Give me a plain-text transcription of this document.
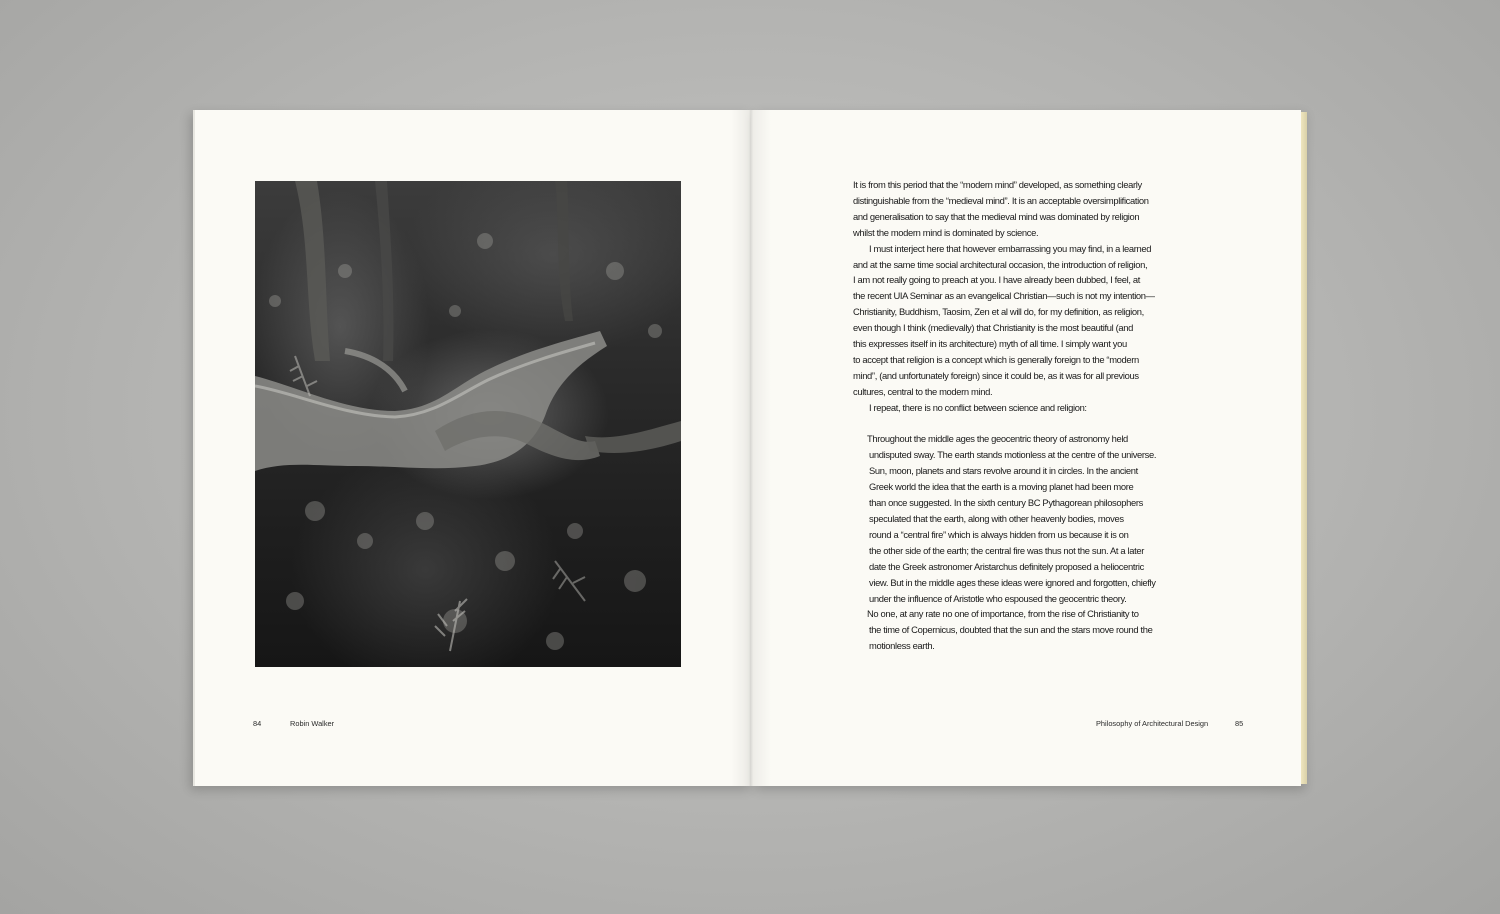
84	Robin Walker
It is from this period that the “modern mind” developed, as something clearly
distinguishable from the “medieval mind”. It is an acceptable oversimplification
and generalisation to say that the medieval mind was dominated by religion
whilst the modern mind is dominated by science.
I must interject here that however embarrassing you may find, in a learned
and at the same time social architectural occasion, the introduction of religion,
I am not really going to preach at you. I have already been dubbed, I feel, at
the recent UIA Seminar as an evangelical Christian—such is not my intention—
Christianity, Buddhism, Taosim, Zen et al will do, for my definition, as religion,
even though I think (medievally) that Christianity is the most beautiful (and
this expresses itself in its architecture) myth of all time. I simply want you
to accept that religion is a concept which is generally foreign to the “modern
mind”, (and unfortunately foreign) since it could be, as it was for all previous
cultures, central to the modern mind.
I repeat, there is no conflict between science and religion:
Throughout the middle ages the geocentric theory of astronomy held
undisputed sway. The earth stands motionless at the centre of the universe.
Sun, moon, planets and stars revolve around it in circles. In the ancient
Greek world the idea that the earth is a moving planet had been more
than once suggested. In the sixth century BC Pythagorean philosophers
speculated that the earth, along with other heavenly bodies, moves
round a “central fire” which is always hidden from us because it is on
the other side of the earth; the central fire was thus not the sun. At a later
date the Greek astronomer Aristarchus definitely proposed a heliocentric
view. But in the middle ages these ideas were ignored and forgotten, chiefly
under the influence of Aristotle who espoused the geocentric theory.
No one, at any rate no one of importance, from the rise of Christianity to
the time of Copernicus, doubted that the sun and the stars move round the
motionless earth.
Philosophy of Architectural Design	85
